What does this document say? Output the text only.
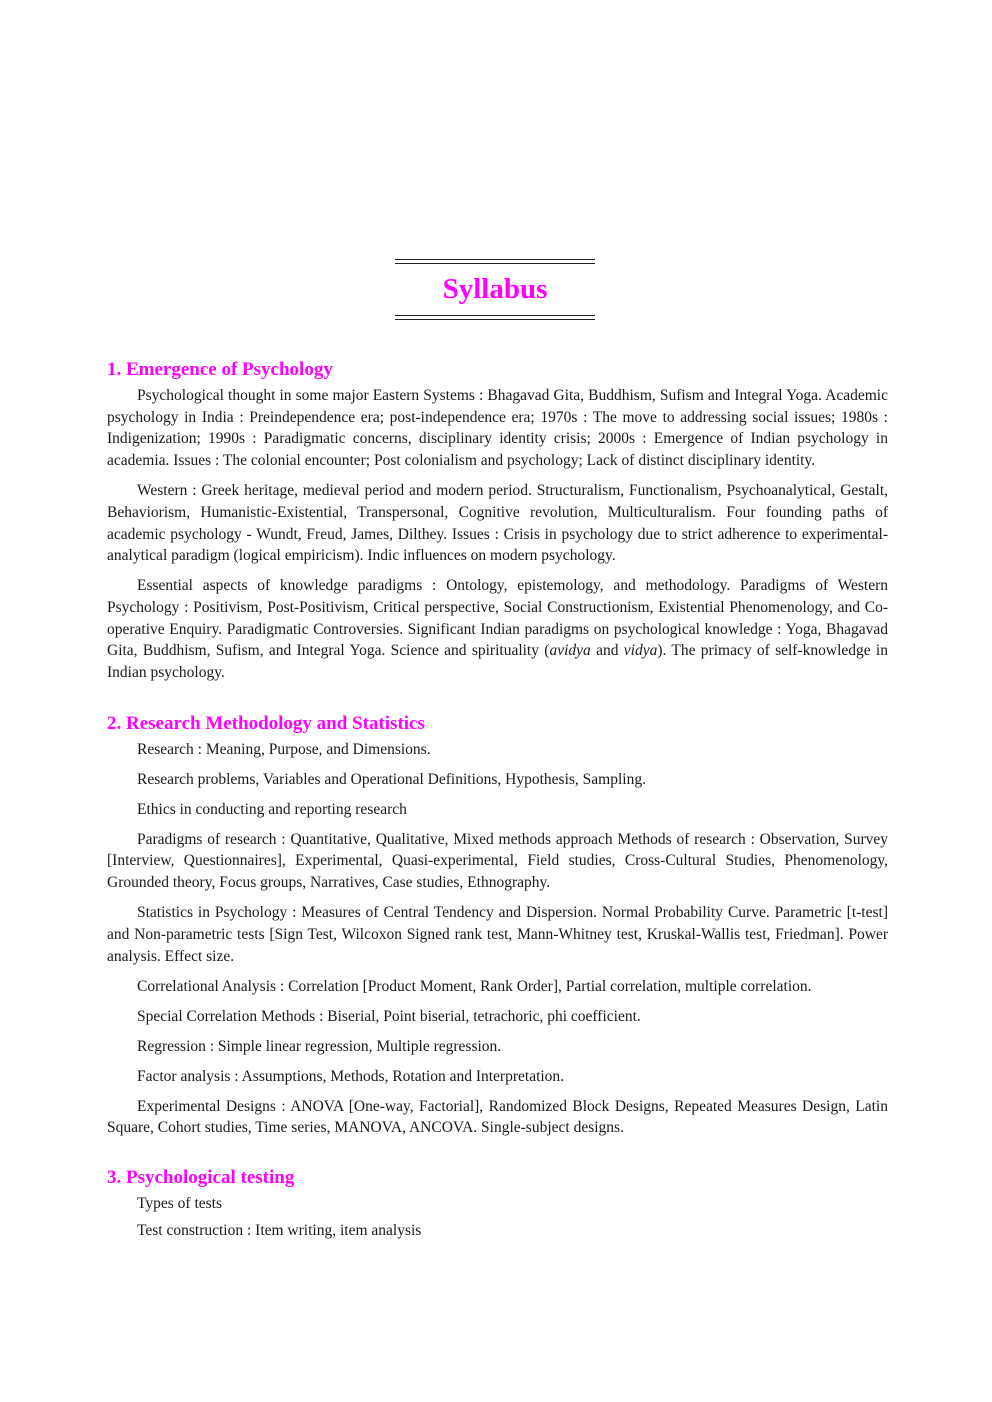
Syllabus
1. Emergence of Psychology

Psychological thought in some major Eastern Systems : Bhagavad Gita, Buddhism, Sufism and Integral Yoga. Academic psychology in India : Preindependence era; post-independence era; 1970s : The move to addressing social issues; 1980s : Indigenization; 1990s : Paradigmatic concerns, disciplinary identity crisis; 2000s : Emergence of Indian psychology in academia. Issues : The colonial encounter; Post colonialism and psychology; Lack of distinct disciplinary identity.

Western : Greek heritage, medieval period and modern period. Structuralism, Functionalism, Psychoanalytical, Gestalt, Behaviorism, Humanistic-Existential, Transpersonal, Cognitive revolution, Multiculturalism. Four founding paths of academic psychology - Wundt, Freud, James, Dilthey. Issues : Crisis in psychology due to strict adherence to experimental-analytical paradigm (logical empiricism). Indic influences on modern psychology.

Essential aspects of knowledge paradigms : Ontology, epistemology, and methodology. Paradigms of Western Psychology : Positivism, Post-Positivism, Critical perspective, Social Constructionism, Existential Phenomenology, and Co-operative Enquiry. Paradigmatic Controversies. Significant Indian paradigms on psychological knowledge : Yoga, Bhagavad Gita, Buddhism, Sufism, and Integral Yoga. Science and spirituality (avidya and vidya). The primacy of self-knowledge in Indian psychology.

2. Research Methodology and Statistics

Research : Meaning, Purpose, and Dimensions.

Research problems, Variables and Operational Definitions, Hypothesis, Sampling.

Ethics in conducting and reporting research

Paradigms of research : Quantitative, Qualitative, Mixed methods approach Methods of research : Observation, Survey [Interview, Questionnaires], Experimental, Quasi-experimental, Field studies, Cross-Cultural Studies, Phenomenology, Grounded theory, Focus groups, Narratives, Case studies, Ethnography.

Statistics in Psychology : Measures of Central Tendency and Dispersion. Normal Probability Curve. Parametric [t-test] and Non-parametric tests [Sign Test, Wilcoxon Signed rank test, Mann-Whitney test, Kruskal-Wallis test, Friedman]. Power analysis. Effect size.

Correlational Analysis : Correlation [Product Moment, Rank Order], Partial correlation, multiple correlation.

Special Correlation Methods : Biserial, Point biserial, tetrachoric, phi coefficient.

Regression : Simple linear regression, Multiple regression.

Factor analysis : Assumptions, Methods, Rotation and Interpretation.

Experimental Designs : ANOVA [One-way, Factorial], Randomized Block Designs, Repeated Measures Design, Latin Square, Cohort studies, Time series, MANOVA, ANCOVA. Single-subject designs.

3. Psychological testing

Types of tests

Test construction : Item writing, item analysis
